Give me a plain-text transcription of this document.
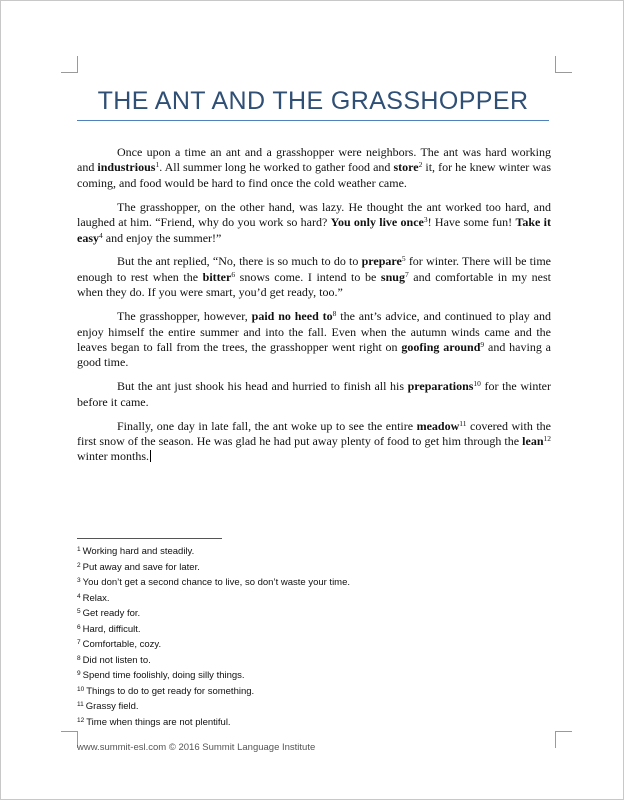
THE ANT AND THE GRASSHOPPER

Once upon a time an ant and a grasshopper were neighbors. The ant was hard working and industrious$^1$. All summer long he worked to gather food and store$^2$ it, for he knew winter was coming, and food would be hard to find once the cold weather came.

The grasshopper, on the other hand, was lazy. He thought the ant worked too hard, and laughed at him. “Friend, why do you work so hard? You only live once$^3$! Have some fun! Take it easy$^4$ and enjoy the summer!”

But the ant replied, “No, there is so much to do to prepare$^5$ for winter. There will be time enough to rest when the bitter$^6$ snows come. I intend to be snug$^7$ and comfortable in my nest when they do. If you were smart, you’d get ready, too.”

The grasshopper, however, paid no heed $to^8$ the ant’s advice, and continued to play and enjoy himself the entire summer and into the fall. Even when the autumn winds came and the leaves began to fall from the trees, the grasshopper went right on goofing around$^9$ and having a good time.

But the ant just shook his head and hurried to finish all his preparations$^{10}$ for the winter before it came.

Finally, one day in late fall, the ant woke up to see the entire meadow$^{11}$ covered with the first snow of the season. He was glad he had put away plenty of food to get him through the lean$^{12}$ winter months.

$^1$ Working hard and steadily.
$^2$ Put away and save for later.
$^3$ You don’t get a second chance to live, so don’t waste your time.
$^4$ Relax.
$^5$ Get ready for.
$^6$ Hard, difficult.
$^7$ Comfortable, cozy.
$^8$ Did not listen to.
$^9$ Spend time foolishly, doing silly things.
$^{10}$ Things to do to get ready for something.
$^{11}$ Grassy field.
$^{12}$ Time when things are not plentiful.
www.summit-esl.com © 2016 Summit Language Institute
